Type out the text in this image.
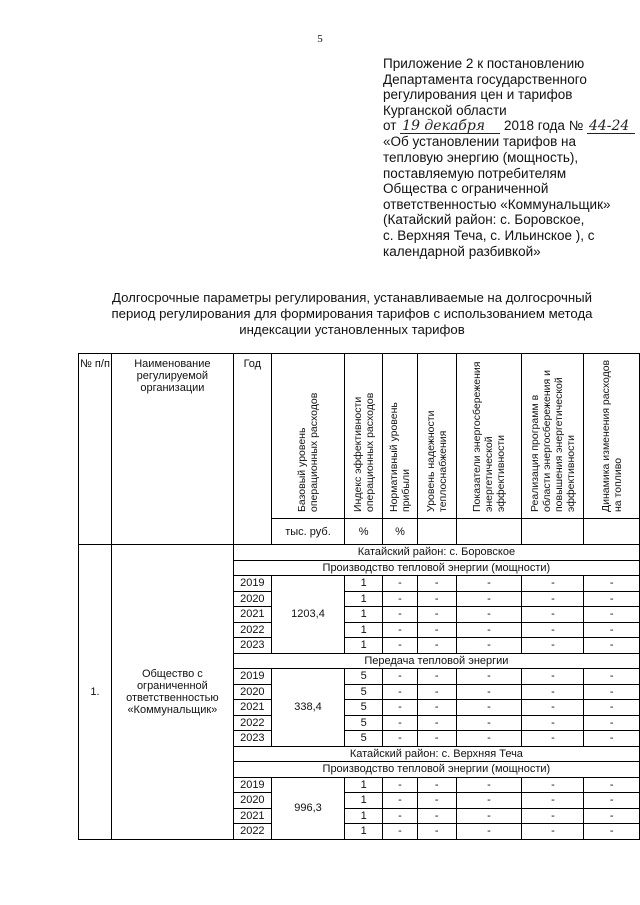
5
Приложение 2 к постановлению
Департамента государственного
регулирования цен и тарифов
Курганской области
от 19 декабря 2018 года № 44-24
«Об установлении тарифов на
тепловую энергию (мощность),
поставляемую потребителям
Общества с ограниченной
ответственностью «Коммунальщик»
(Катайский район: с. Боровское,
с. Верхняя Теча, с. Ильинское ), с
календарной разбивкой»
Долгосрочные параметры регулирования, устанавливаемые на долгосрочный
период регулирования для формирования тарифов с использованием метода
индексации установленных тарифов
№ п/п	Наименование регулируемой организации	Год	Базовый уровень операционных расходов	Индекс эффективности операционных расходов	Нормативный уровень прибыли	Уровень надежности теплоснабжения	Показатели энергосбережения энергетической эффективности	Реализация программ в области энергосбережения и повышения энергетической эффективности	Динамика изменения расходов на топливо
			тыс. руб.	%	%				
1.	Общество с ограниченной ответственностью «Коммунальщик»	Катайский район: с. Боровское							
		Производство тепловой энергии (мощности)							
		2019	1203,4	1	-	-	-	-	-
		2020		1	-	-	-	-	-
		2021		1	-	-	-	-	-
		2022		1	-	-	-	-	-
		2023		1	-	-	-	-	-
		Передача тепловой энергии							
		2019	338,4	5	-	-	-	-	-
		2020		5	-	-	-	-	-
		2021		5	-	-	-	-	-
		2022		5	-	-	-	-	-
		2023		5	-	-	-	-	-
		Катайский район: с. Верхняя Теча							
		Производство тепловой энергии (мощности)							
		2019	996,3	1	-	-	-	-	-
		2020		1	-	-	-	-	-
		2021		1	-	-	-	-	-
		2022		1	-	-	-	-	-
